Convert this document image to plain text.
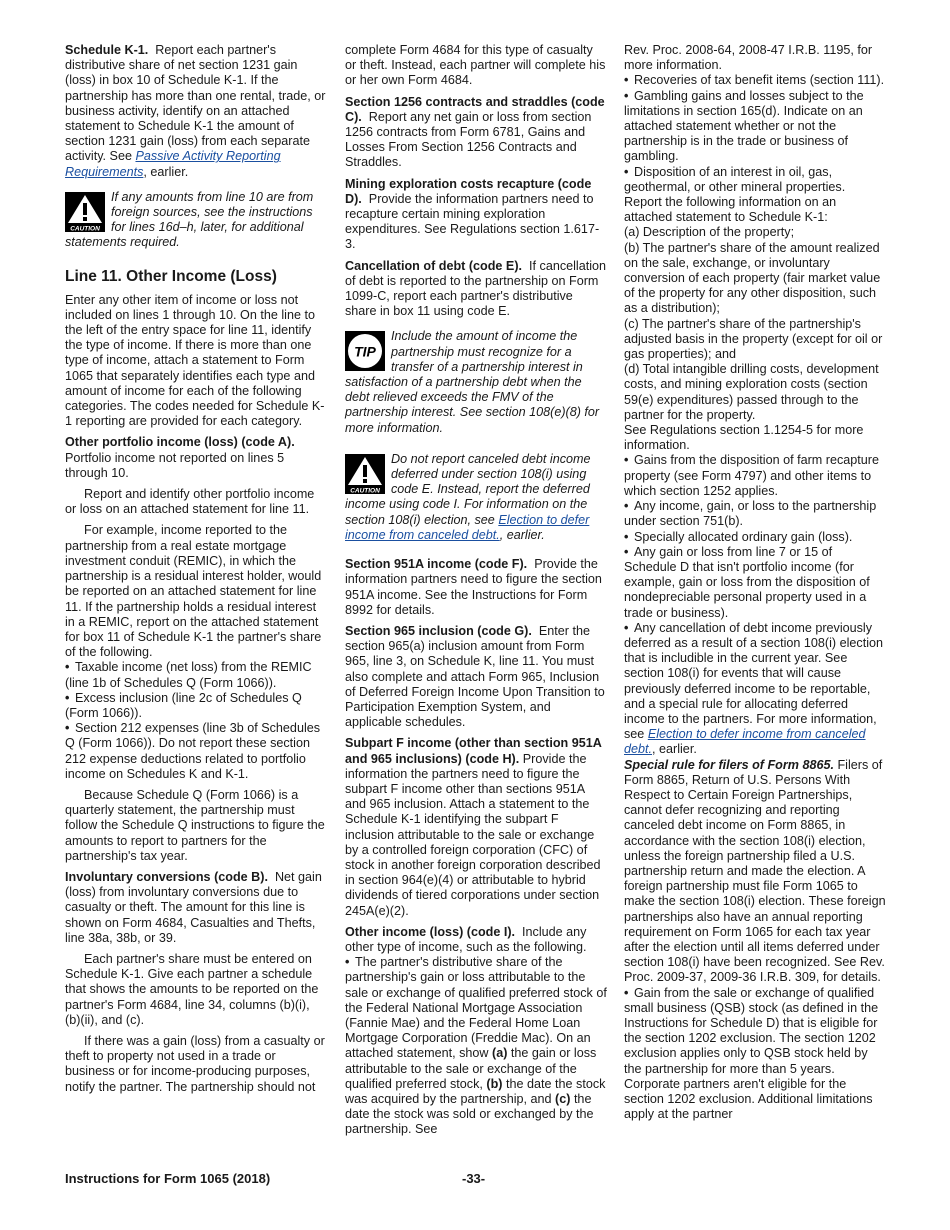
Schedule K-1. Report each partner's distributive share of net section 1231 gain (loss) in box 10 of Schedule K-1. If the partnership has more than one rental, trade, or business activity, identify on an attached statement to Schedule K-1 the amount of section 1231 gain (loss) from each separate activity. See Passive Activity Reporting Requirements, earlier.

CAUTION
If any amounts from line 10 are from foreign sources, see the instructions for lines 16d–h, later, for additional statements required.
Line 11. Other Income (Loss)

Enter any other item of income or loss not included on lines 1 through 10. On the line to the left of the entry space for line 11, identify the type of income. If there is more than one type of income, attach a statement to Form 1065 that separately identifies each type and amount of income for each of the following categories. The codes needed for Schedule K-1 reporting are provided for each category.

Other portfolio income (loss) (code A). Portfolio income not reported on lines 5 through 10.

Report and identify other portfolio income or loss on an attached statement for line 11.

For example, income reported to the partnership from a real estate mortgage investment conduit (REMIC), in which the partnership is a residual interest holder, would be reported on an attached statement for line 11. If the partnership holds a residual interest in a REMIC, report on the attached statement for box 11 of Schedule K-1 the partner's share of the following.

• Taxable income (net loss) from the REMIC (line 1b of Schedules Q (Form 1066)).
• Excess inclusion (line 2c of Schedules Q (Form 1066)).
• Section 212 expenses (line 3b of Schedules Q (Form 1066)). Do not report these section 212 expense deductions related to portfolio income on Schedules K and K-1.

Because Schedule Q (Form 1066) is a quarterly statement, the partnership must follow the Schedule Q instructions to figure the amounts to report to partners for the partnership's tax year.

Involuntary conversions (code B). Net gain (loss) from involuntary conversions due to casualty or theft. The amount for this line is shown on Form 4684, Casualties and Thefts, line 38a, 38b, or 39.

Each partner's share must be entered on Schedule K-1. Give each partner a schedule that shows the amounts to be reported on the partner's Form 4684, line 34, columns (b)(i), (b)(ii), and (c).

If there was a gain (loss) from a casualty or theft to property not used in a trade or business or for income-producing purposes, notify the partner. The partnership should not

complete Form 4684 for this type of casualty or theft. Instead, each partner will complete his or her own Form 4684.

Section 1256 contracts and straddles (code C). Report any net gain or loss from section 1256 contracts from Form 6781, Gains and Losses From Section 1256 Contracts and Straddles.

Mining exploration costs recapture (code D). Provide the information partners need to recapture certain mining exploration expenditures. See Regulations section 1.617-3.

Cancellation of debt (code E). If cancellation of debt is reported to the partnership on Form 1099-C, report each partner's distributive share in box 11 using code E.

TIP
Include the amount of income the partnership must recognize for a transfer of a partnership interest in satisfaction of a partnership debt when the debt relieved exceeds the FMV of the partnership interest. See section 108(e)(8) for more information.
CAUTION
Do not report canceled debt income deferred under section 108(i) using code E. Instead, report the deferred income using code I. For information on the section 108(i) election, see Election to defer income from canceled debt., earlier.

Section 951A income (code F). Provide the information partners need to figure the section 951A income. See the Instructions for Form 8992 for details.

Section 965 inclusion (code G). Enter the section 965(a) inclusion amount from Form 965, line 3, on Schedule K, line 11. You must also complete and attach Form 965, Inclusion of Deferred Foreign Income Upon Transition to Participation Exemption System, and applicable schedules.

Subpart F income (other than section 951A and 965 inclusions) (code H). Provide the information the partners need to figure the subpart F income other than sections 951A and 965 inclusion. Attach a statement to the Schedule K-1 identifying the subpart F inclusion attributable to the sale or exchange by a controlled foreign corporation (CFC) of stock in another foreign corporation described in section 964(e)(4) or attributable to hybrid dividends of tiered corporations under section 245A(e)(2).

Other income (loss) (code I). Include any other type of income, such as the following.

• The partner's distributive share of the partnership's gain or loss attributable to the sale or exchange of qualified preferred stock of the Federal National Mortgage Association (Fannie Mae) and the Federal Home Loan Mortgage Corporation (Freddie Mac). On an attached statement, show (a) the gain or loss attributable to the sale or exchange of the qualified preferred stock, (b) the date the stock was acquired by the partnership, and (c) the date the stock was sold or exchanged by the partnership. See

Rev. Proc. 2008-64, 2008-47 I.R.B. 1195, for more information.

• Recoveries of tax benefit items (section 111).
• Gambling gains and losses subject to the limitations in section 165(d). Indicate on an attached statement whether or not the partnership is in the trade or business of gambling.
• Disposition of an interest in oil, gas, geothermal, or other mineral properties. Report the following information on an attached statement to Schedule K-1:
(a) Description of the property;
(b) The partner's share of the amount realized on the sale, exchange, or involuntary conversion of each property (fair market value of the property for any other disposition, such as a distribution);
(c) The partner's share of the partnership's adjusted basis in the property (except for oil or gas properties); and
(d) Total intangible drilling costs, development costs, and mining exploration costs (section 59(e) expenditures) passed through to the partner for the property.
See Regulations section 1.1254-5 for more information.
• Gains from the disposition of farm recapture property (see Form 4797) and other items to which section 1252 applies.
• Any income, gain, or loss to the partnership under section 751(b).
• Specially allocated ordinary gain (loss).
• Any gain or loss from line 7 or 15 of Schedule D that isn't portfolio income (for example, gain or loss from the disposition of nondepreciable personal property used in a trade or business).
• Any cancellation of debt income previously deferred as a result of a section 108(i) election that is includible in the current year. See section 108(i) for events that will cause previously deferred income to be reportable, and a special rule for allocating deferred income to the partners. For more information, see Election to defer income from canceled debt., earlier.
Special rule for filers of Form 8865. Filers of Form 8865, Return of U.S. Persons With Respect to Certain Foreign Partnerships, cannot defer recognizing and reporting canceled debt income on Form 8865, in accordance with the section 108(i) election, unless the foreign partnership filed a U.S. partnership return and made the election. A foreign partnership must file Form 1065 to make the section 108(i) election. These foreign partnerships also have an annual reporting requirement on Form 1065 for each tax year after the election until all items deferred under section 108(i) have been recognized. See Rev. Proc. 2009-37, 2009-36 I.R.B. 309, for details.
• Gain from the sale or exchange of qualified small business (QSB) stock (as defined in the Instructions for Schedule D) that is eligible for the section 1202 exclusion. The section 1202 exclusion applies only to QSB stock held by the partnership for more than 5 years. Corporate partners aren't eligible for the section 1202 exclusion. Additional limitations apply at the partner
Instructions for Form 1065 (2018)	-33-
